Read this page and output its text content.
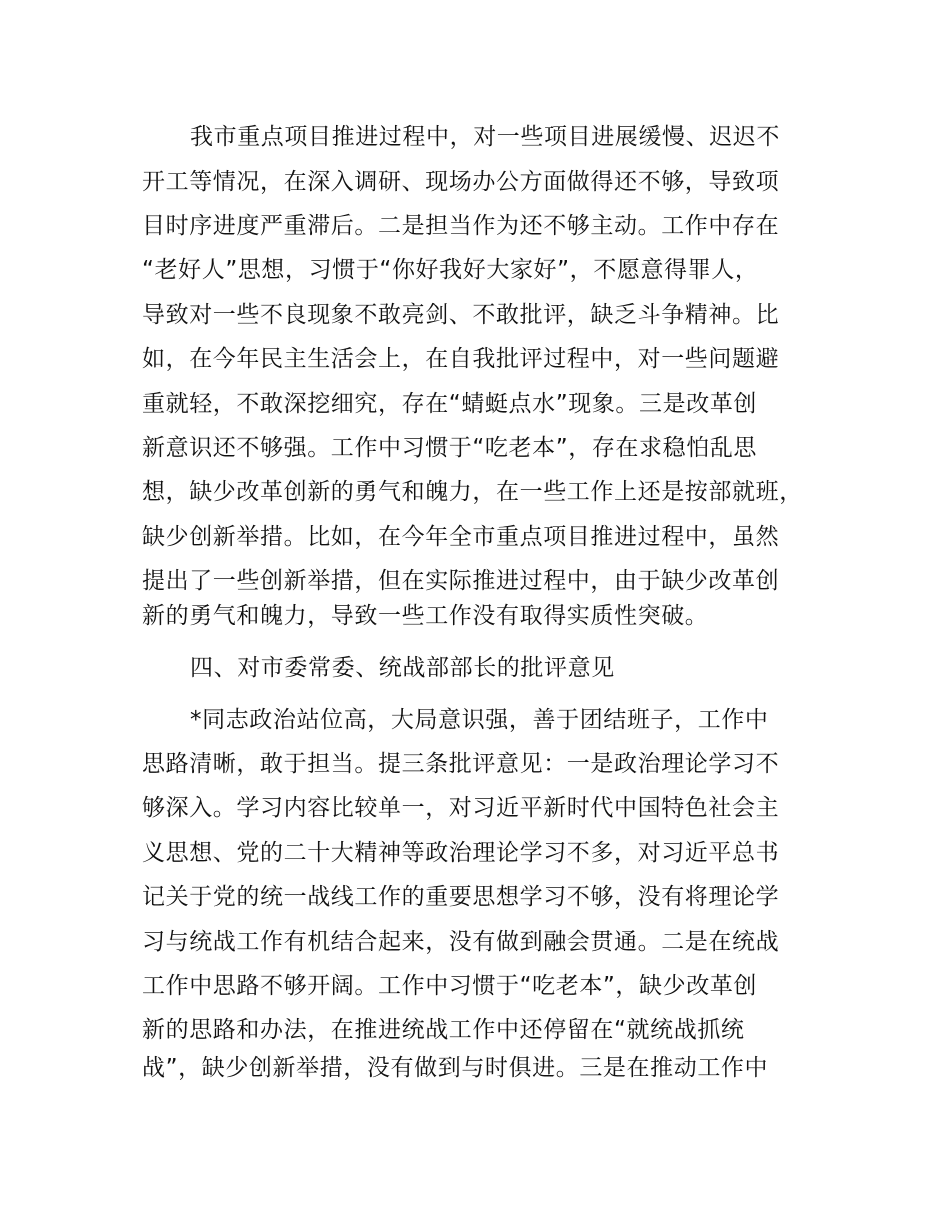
我市重点项目推进过程中，对一些项目进展缓慢、迟迟不
开工等情况，在深入调研、现场办公方面做得还不够，导致项
目时序进度严重滞后。二是担当作为还不够主动。工作中存在
“老好人”思想，习惯于“你好我好大家好”，不愿意得罪人，
导致对一些不良现象不敢亮剑、不敢批评，缺乏斗争精神。比
如，在今年民主生活会上，在自我批评过程中，对一些问题避
重就轻，不敢深挖细究，存在“蜻蜓点水”现象。三是改革创
新意识还不够强。工作中习惯于“吃老本”，存在求稳怕乱思
想，缺少改革创新的勇气和魄力，在一些工作上还是按部就班，
缺少创新举措。比如，在今年全市重点项目推进过程中，虽然
提出了一些创新举措，但在实际推进过程中，由于缺少改革创
新的勇气和魄力，导致一些工作没有取得实质性突破。
四、对市委常委、统战部部长的批评意见
*同志政治站位高，大局意识强，善于团结班子，工作中
思路清晰，敢于担当。提三条批评意见：一是政治理论学习不
够深入。学习内容比较单一，对习近平新时代中国特色社会主
义思想、党的二十大精神等政治理论学习不多，对习近平总书
记关于党的统一战线工作的重要思想学习不够，没有将理论学
习与统战工作有机结合起来，没有做到融会贯通。二是在统战
工作中思路不够开阔。工作中习惯于“吃老本”，缺少改革创
新的思路和办法，在推进统战工作中还停留在“就统战抓统
战”，缺少创新举措，没有做到与时俱进。三是在推动工作中
